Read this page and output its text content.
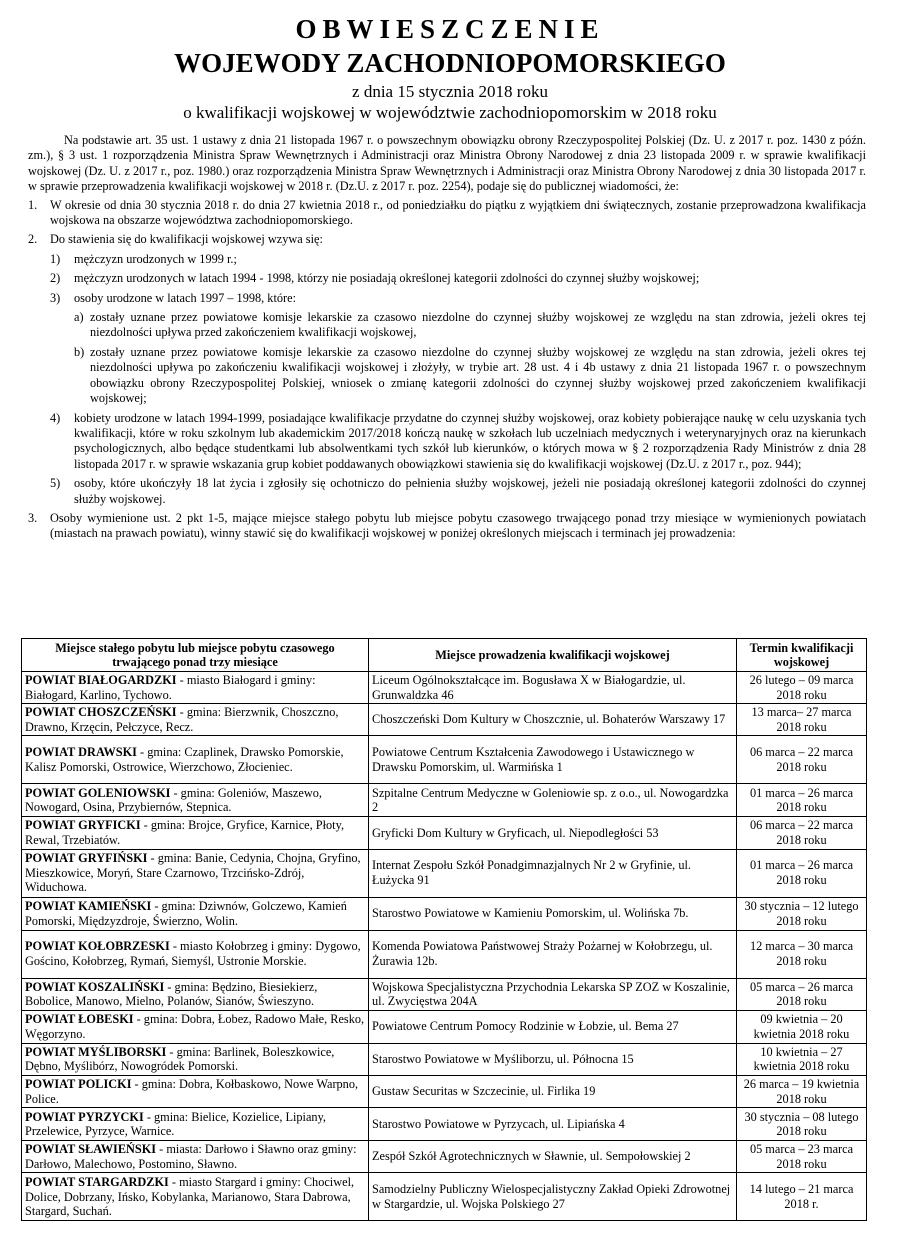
OBWIESZCZENIE
WOJEWODY ZACHODNIOPOMORSKIEGO
z dnia 15 stycznia 2018 roku
o kwalifikacji wojskowej w województwie zachodniopomorskim w 2018 roku

Na podstawie art. 35 ust. 1 ustawy z dnia 21 listopada 1967 r. o powszechnym obowiązku obrony Rzeczypospolitej Polskiej (Dz. U. z 2017 r. poz. 1430 z późn. zm.), § 3 ust. 1 rozporządzenia Ministra Spraw Wewnętrznych i Administracji oraz Ministra Obrony Narodowej z dnia 23 listopada 2009 r. w sprawie kwalifikacji wojskowej (Dz. U. z 2017 r., poz. 1980.) oraz rozporządzenia Ministra Spraw Wewnętrznych i Administracji oraz Ministra Obrony Narodowej z dnia 30 listopada 2017 r. w sprawie przeprowadzenia kwalifikacji wojskowej w 2018 r. (Dz.U. z 2017 r. poz. 2254), podaje się do publicznej wiadomości, że:

1.	W okresie od dnia 30 stycznia 2018 r. do dnia 27 kwietnia 2018 r., od poniedziałku do piątku z wyjątkiem dni świątecznych, zostanie przeprowadzona kwalifikacja wojskowa na obszarze województwa zachodniopomorskiego.
2.	Do stawienia się do kwalifikacji wojskowej wzywa się:
1)	mężczyzn urodzonych w 1999 r.;
2)	mężczyzn urodzonych w latach 1994 - 1998, którzy nie posiadają określonej kategorii zdolności do czynnej służby wojskowej;
3)	osoby urodzone w latach 1997 – 1998, które:
a) zostały uznane przez powiatowe komisje lekarskie za czasowo niezdolne do czynnej służby wojskowej ze względu na stan zdrowia, jeżeli okres tej niezdolności upływa przed zakończeniem kwalifikacji wojskowej,
b) zostały uznane przez powiatowe komisje lekarskie za czasowo niezdolne do czynnej służby wojskowej ze względu na stan zdrowia, jeżeli okres tej niezdolności upływa po zakończeniu kwalifikacji wojskowej i złożyły, w trybie art. 28 ust. 4 i 4b ustawy z dnia 21 listopada 1967 r. o powszechnym obowiązku obrony Rzeczypospolitej Polskiej, wniosek o zmianę kategorii zdolności do czynnej służby wojskowej przed zakończeniem kwalifikacji wojskowej;
4)	kobiety urodzone w latach 1994-1999, posiadające kwalifikacje przydatne do czynnej służby wojskowej, oraz kobiety pobierające naukę w celu uzyskania tych kwalifikacji, które w roku szkolnym lub akademickim 2017/2018 kończą naukę w szkołach lub uczelniach medycznych i weterynaryjnych oraz na kierunkach psychologicznych, albo będące studentkami lub absolwentkami tych szkół lub kierunków, o których mowa w § 2 rozporządzenia Rady Ministrów z dnia 28 listopada 2017 r. w sprawie wskazania grup kobiet poddawanych obowiązkowi stawienia się do kwalifikacji wojskowej (Dz.U. z 2017 r., poz. 944);
5)	osoby, które ukończyły 18 lat życia i zgłosiły się ochotniczo do pełnienia służby wojskowej, jeżeli nie posiadają określonej kategorii zdolności do czynnej służby wojskowej.
3.	Osoby wymienione ust. 2 pkt 1-5, mające miejsce stałego pobytu lub miejsce pobytu czasowego trwającego ponad trzy miesiące w wymienionych powiatach (miastach na prawach powiatu), winny stawić się do kwalifikacji wojskowej w poniżej określonych miejscach i terminach jej prowadzenia:
Miejsce stałego pobytu lub miejsce pobytu czasowego trwającego ponad trzy miesiące	Miejsce prowadzenia kwalifikacji wojskowej	Termin kwalifikacji wojskowej
POWIAT BIAŁOGARDZKI - miasto Białogard i gminy: Białogard, Karlino, Tychowo.	Liceum Ogólnokształcące im. Bogusława X w Białogardzie, ul. Grunwaldzka 46	26 lutego – 09 marca 2018 roku
POWIAT CHOSZCZEŃSKI - gmina: Bierzwnik, Choszczno, Drawno, Krzęcin, Pełczyce, Recz.	Choszczeński Dom Kultury w Choszcznie, ul. Bohaterów Warszawy 17	13 marca– 27 marca 2018 roku
POWIAT DRAWSKI - gmina: Czaplinek, Drawsko Pomorskie, Kalisz Pomorski, Ostrowice, Wierzchowo, Złocieniec.	Powiatowe Centrum Kształcenia Zawodowego i Ustawicznego w Drawsku Pomorskim, ul. Warmińska 1	06 marca – 22 marca 2018 roku
POWIAT GOLENIOWSKI - gmina: Goleniów, Maszewo, Nowogard, Osina, Przybiernów, Stepnica.	Szpitalne Centrum Medyczne w Goleniowie sp. z o.o., ul. Nowogardzka 2	01 marca – 26 marca 2018 roku
POWIAT GRYFICKI - gmina: Brojce, Gryfice, Karnice, Płoty, Rewal, Trzebiatów.	Gryficki Dom Kultury w Gryficach, ul. Niepodległości 53	06 marca – 22 marca 2018 roku
POWIAT GRYFIŃSKI - gmina: Banie, Cedynia, Chojna, Gryfino, Mieszkowice, Moryń, Stare Czarnowo, Trzcińsko-Zdrój, Widuchowa.	Internat Zespołu Szkół Ponadgimnazjalnych Nr 2 w Gryfinie, ul. Łużycka 91	01 marca – 26 marca 2018 roku
POWIAT KAMIEŃSKI - gmina: Dziwnów, Golczewo, Kamień Pomorski, Międzyzdroje, Świerzno, Wolin.	Starostwo Powiatowe w Kamieniu Pomorskim, ul. Wolińska 7b.	30 stycznia – 12 lutego 2018 roku
POWIAT KOŁOBRZESKI - miasto Kołobrzeg i gminy: Dygowo, Gościno, Kołobrzeg, Rymań, Siemyśl, Ustronie Morskie.	Komenda Powiatowa Państwowej Straży Pożarnej w Kołobrzegu, ul. Żurawia 12b.	12 marca – 30 marca 2018 roku
POWIAT KOSZALIŃSKI - gmina: Będzino, Biesiekierz, Bobolice, Manowo, Mielno, Polanów, Sianów, Świeszyno.	Wojskowa Specjalistyczna Przychodnia Lekarska SP ZOZ w Koszalinie, ul. Zwycięstwa 204A	05 marca – 26 marca 2018 roku
POWIAT ŁOBESKI - gmina: Dobra, Łobez, Radowo Małe, Resko, Węgorzyno.	Powiatowe Centrum Pomocy Rodzinie w Łobzie, ul. Bema 27	09 kwietnia – 20 kwietnia 2018 roku
POWIAT MYŚLIBORSKI - gmina: Barlinek, Boleszkowice, Dębno, Myślibórz, Nowogródek Pomorski.	Starostwo Powiatowe w Myśliborzu, ul. Północna 15	10 kwietnia – 27 kwietnia 2018 roku
POWIAT POLICKI - gmina: Dobra, Kołbaskowo, Nowe Warpno, Police.	Gustaw Securitas w Szczecinie, ul. Firlika 19	26 marca – 19 kwietnia 2018 roku
POWIAT PYRZYCKI - gmina: Bielice, Kozielice, Lipiany, Przelewice, Pyrzyce, Warnice.	Starostwo Powiatowe w Pyrzycach, ul. Lipiańska 4	30 stycznia – 08 lutego 2018 roku
POWIAT SŁAWIEŃSKI - miasta: Darłowo i Sławno oraz gminy: Darłowo, Malechowo, Postomino, Sławno.	Zespół Szkół Agrotechnicznych w Sławnie, ul. Sempołowskiej 2	05 marca – 23 marca 2018 roku
POWIAT STARGARDZKI - miasto Stargard i gminy: Chociwel, Dolice, Dobrzany, Ińsko, Kobylanka, Marianowo, Stara Dabrowa, Stargard, Suchań.	Samodzielny Publiczny Wielospecjalistyczny Zakład Opieki Zdrowotnej w Stargardzie, ul. Wojska Polskiego 27	14 lutego – 21 marca 2018 r.
